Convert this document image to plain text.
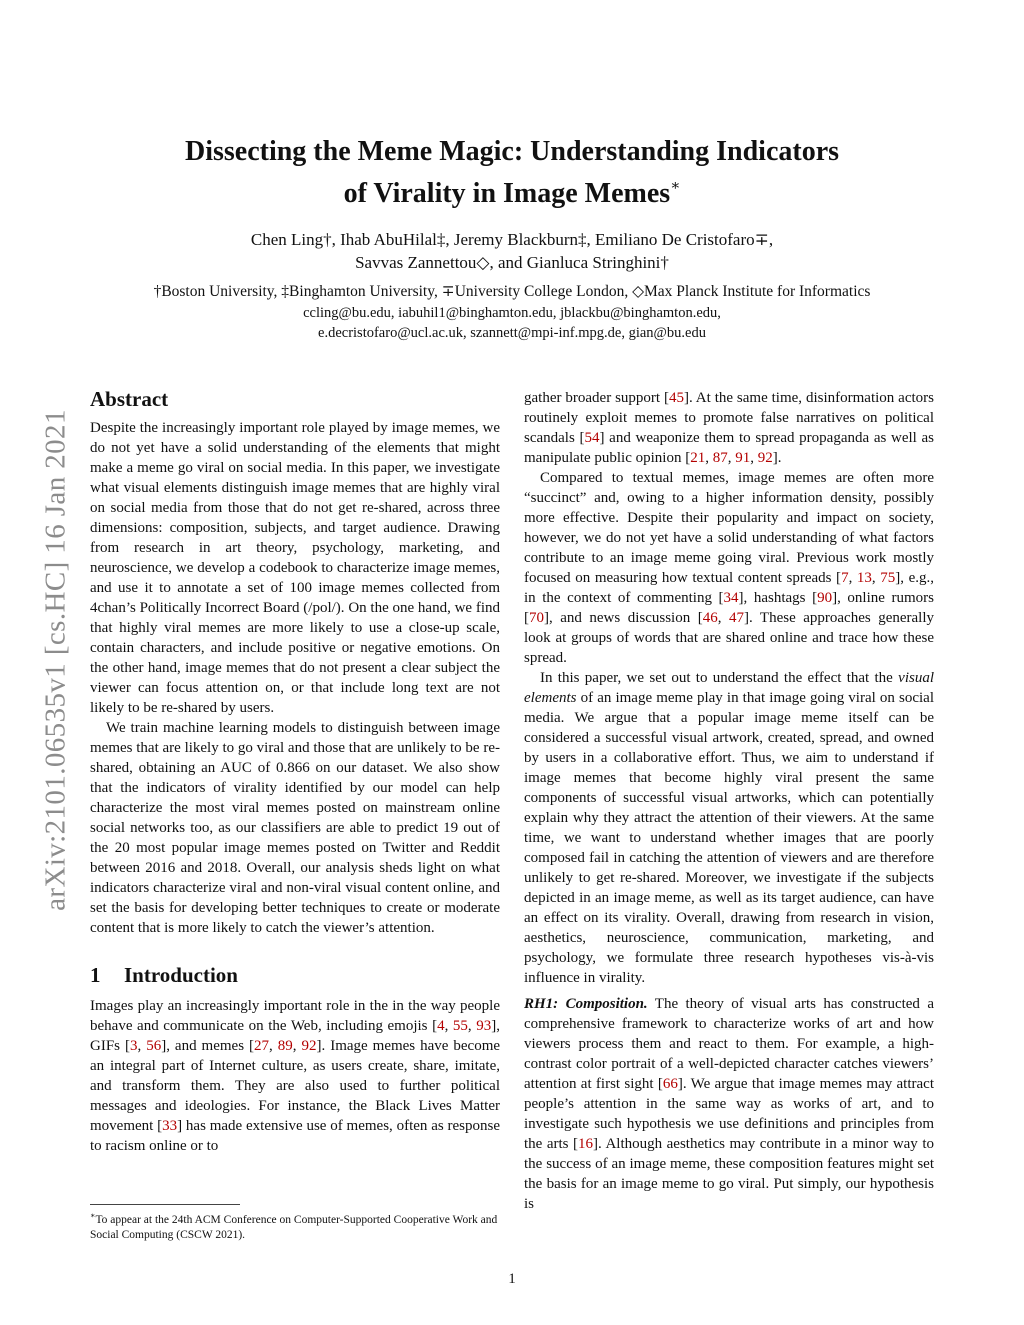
arXiv:2101.06535v1 [cs.HC] 16 Jan 2021
Dissecting the Meme Magic: Understanding Indicators
of Virality in Image Memes∗
Chen Ling†, Ihab AbuHilal‡, Jeremy Blackburn‡, Emiliano De Cristofaro∓,
Savvas Zannettou◇, and Gianluca Stringhini†
†Boston University, ‡Binghamton University, ∓University College London, ◇Max Planck Institute for Informatics
ccling@bu.edu, iabuhil1@binghamton.edu, jblackbu@binghamton.edu,
e.decristofaro@ucl.ac.uk, szannett@mpi-inf.mpg.de, gian@bu.edu
Abstract

Despite the increasingly important role played by image memes, we do not yet have a solid understanding of the elements that might make a meme go viral on social media. In this paper, we investigate what visual elements distinguish image memes that are highly viral on social media from those that do not get re-shared, across three dimensions: composition, subjects, and target audience. Drawing from research in art theory, psychology, marketing, and neuroscience, we develop a codebook to characterize image memes, and use it to annotate a set of 100 image memes collected from 4chan’s Politically Incorrect Board (/pol/). On the one hand, we find that highly viral memes are more likely to use a close-up scale, contain characters, and include positive or negative emotions. On the other hand, image memes that do not present a clear subject the viewer can focus attention on, or that include long text are not likely to be re-shared by users.

We train machine learning models to distinguish between image memes that are likely to go viral and those that are unlikely to be re-shared, obtaining an AUC of 0.866 on our dataset. We also show that the indicators of virality identified by our model can help characterize the most viral memes posted on mainstream online social networks too, as our classifiers are able to predict 19 out of the 20 most popular image memes posted on Twitter and Reddit between 2016 and 2018. Overall, our analysis sheds light on what indicators characterize viral and non-viral visual content online, and set the basis for developing better techniques to create or moderate content that is more likely to catch the viewer’s attention.

1 Introduction

Images play an increasingly important role in the in the way people behave and communicate on the Web, including emojis [4, 55, 93], GIFs [3, 56], and memes [27, 89, 92]. Image memes have become an integral part of Internet culture, as users create, share, imitate, and transform them. They are also used to further political messages and ideologies. For instance, the Black Lives Matter movement [33] has made extensive use of memes, often as response to racism online or to

gather broader support [45]. At the same time, disinformation actors routinely exploit memes to promote false narratives on political scandals [54] and weaponize them to spread propaganda as well as manipulate public opinion [21, 87, 91, 92].

Compared to textual memes, image memes are often more “succinct” and, owing to a higher information density, possibly more effective. Despite their popularity and impact on society, however, we do not yet have a solid understanding of what factors contribute to an image meme going viral. Previous work mostly focused on measuring how textual content spreads [7, 13, 75], e.g., in the context of commenting [34], hashtags [90], online rumors [70], and news discussion [46, 47]. These approaches generally look at groups of words that are shared online and trace how these spread.

In this paper, we set out to understand the effect that the visual elements of an image meme play in that image going viral on social media. We argue that a popular image meme itself can be considered a successful visual artwork, created, spread, and owned by users in a collaborative effort. Thus, we aim to understand if image memes that become highly viral present the same components of successful visual artworks, which can potentially explain why they attract the attention of their viewers. At the same time, we want to understand whether images that are poorly composed fail in catching the attention of viewers and are therefore unlikely to get re-shared. Moreover, we investigate if the subjects depicted in an image meme, as well as its target audience, can have an effect on its virality. Overall, drawing from research in vision, aesthetics, neuroscience, communication, marketing, and psychology, we formulate three research hypotheses vis-à-vis influence in virality.

RH1: Composition. The theory of visual arts has constructed a comprehensive framework to characterize works of art and how viewers process them and react to them. For example, a high-contrast color portrait of a well-depicted character catches viewers’ attention at first sight [66]. We argue that image memes may attract people’s attention in the same way as works of art, and to investigate such hypothesis we use definitions and principles from the arts [16]. Although aesthetics may contribute in a minor way to the success of an image meme, these composition features might set the basis for an image meme to go viral. Put simply, our hypothesis is

∗To appear at the 24th ACM Conference on Computer-Supported Cooperative Work and Social Computing (CSCW 2021).
1
